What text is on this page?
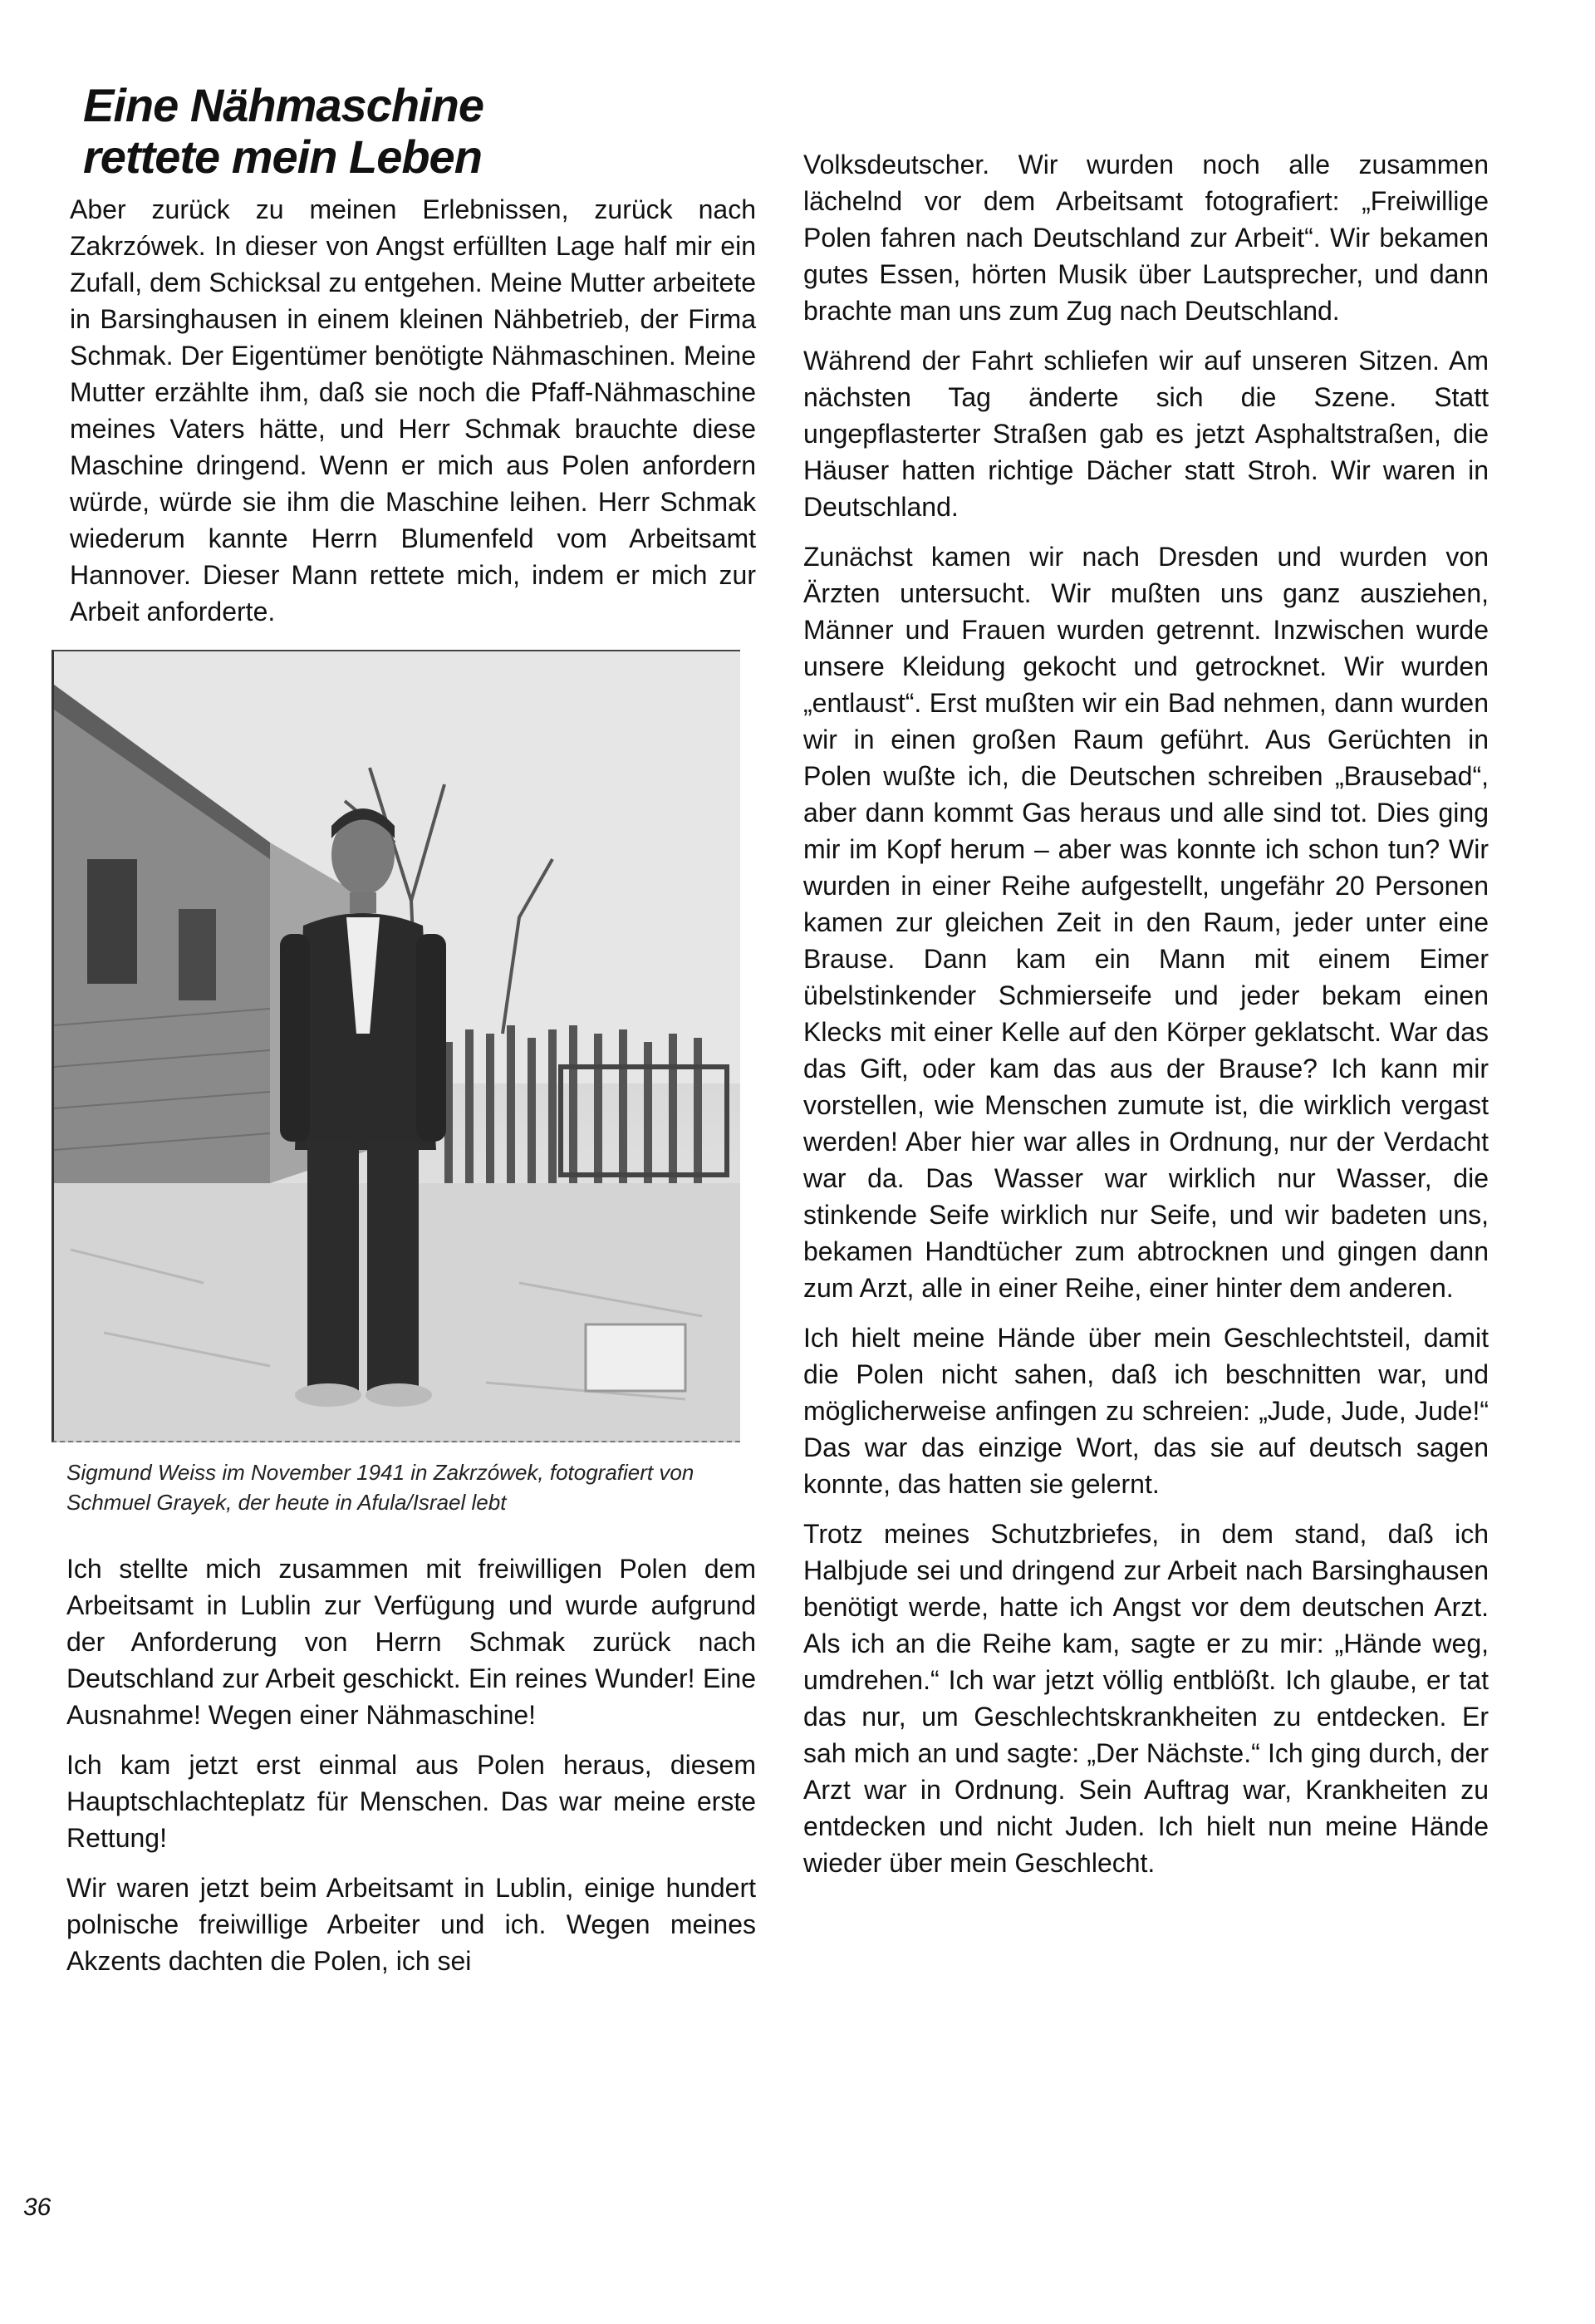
Eine Nähmaschine
rettete mein Leben

Aber zurück zu meinen Erlebnissen, zurück nach Zakrzówek. In dieser von Angst erfüllten Lage half mir ein Zufall, dem Schicksal zu entgehen. Meine Mutter arbeitete in Barsinghausen in einem kleinen Nähbetrieb, der Firma Schmak. Der Eigentümer benötigte Nähmaschinen. Meine Mutter erzählte ihm, daß sie noch die Pfaff-Nähmaschine meines Vaters hätte, und Herr Schmak brauchte diese Maschine dringend. Wenn er mich aus Polen anfordern würde, würde sie ihm die Maschine leihen. Herr Schmak wiederum kannte Herrn Blumenfeld vom Arbeitsamt Hannover. Dieser Mann rettete mich, indem er mich zur Arbeit anforderte.

Sigmund Weiss im November 1941 in Zakrzówek, fotografiert von Schmuel Grayek, der heute in Afula/Israel lebt

Ich stellte mich zusammen mit freiwilligen Polen dem Arbeitsamt in Lublin zur Verfügung und wurde aufgrund der Anforderung von Herrn Schmak zurück nach Deutschland zur Arbeit geschickt. Ein reines Wunder! Eine Ausnahme! Wegen einer Nähmaschine!

Ich kam jetzt erst einmal aus Polen heraus, diesem Hauptschlachteplatz für Menschen. Das war meine erste Rettung!

Wir waren jetzt beim Arbeitsamt in Lublin, einige hundert polnische freiwillige Arbeiter und ich. Wegen meines Akzents dachten die Polen, ich sei

Volksdeutscher. Wir wurden noch alle zusammen lächelnd vor dem Arbeitsamt fotografiert: „Freiwillige Polen fahren nach Deutschland zur Arbeit“. Wir bekamen gutes Essen, hörten Musik über Lautsprecher, und dann brachte man uns zum Zug nach Deutschland.

Während der Fahrt schliefen wir auf unseren Sitzen. Am nächsten Tag änderte sich die Szene. Statt ungepflasterter Straßen gab es jetzt Asphaltstraßen, die Häuser hatten richtige Dächer statt Stroh. Wir waren in Deutschland.

Zunächst kamen wir nach Dresden und wurden von Ärzten untersucht. Wir mußten uns ganz ausziehen, Männer und Frauen wurden getrennt. Inzwischen wurde unsere Kleidung gekocht und getrocknet. Wir wurden „entlaust“. Erst mußten wir ein Bad nehmen, dann wurden wir in einen großen Raum geführt. Aus Gerüchten in Polen wußte ich, die Deutschen schreiben „Brausebad“, aber dann kommt Gas heraus und alle sind tot. Dies ging mir im Kopf herum – aber was konnte ich schon tun? Wir wurden in einer Reihe aufgestellt, ungefähr 20 Personen kamen zur gleichen Zeit in den Raum, jeder unter eine Brause. Dann kam ein Mann mit einem Eimer übelstinkender Schmierseife und jeder bekam einen Klecks mit einer Kelle auf den Körper geklatscht. War das das Gift, oder kam das aus der Brause? Ich kann mir vorstellen, wie Menschen zumute ist, die wirklich vergast werden! Aber hier war alles in Ordnung, nur der Verdacht war da. Das Wasser war wirklich nur Wasser, die stinkende Seife wirklich nur Seife, und wir badeten uns, bekamen Handtücher zum abtrocknen und gingen dann zum Arzt, alle in einer Reihe, einer hinter dem anderen.

Ich hielt meine Hände über mein Geschlechtsteil, damit die Polen nicht sahen, daß ich beschnitten war, und möglicherweise anfingen zu schreien: „Jude, Jude, Jude!“ Das war das einzige Wort, das sie auf deutsch sagen konnte, das hatten sie gelernt.

Trotz meines Schutzbriefes, in dem stand, daß ich Halbjude sei und dringend zur Arbeit nach Barsinghausen benötigt werde, hatte ich Angst vor dem deutschen Arzt. Als ich an die Reihe kam, sagte er zu mir: „Hände weg, umdrehen.“ Ich war jetzt völlig entblößt. Ich glaube, er tat das nur, um Geschlechtskrankheiten zu entdecken. Er sah mich an und sagte: „Der Nächste.“ Ich ging durch, der Arzt war in Ordnung. Sein Auftrag war, Krankheiten zu entdecken und nicht Juden. Ich hielt nun meine Hände wieder über mein Geschlecht.

36
